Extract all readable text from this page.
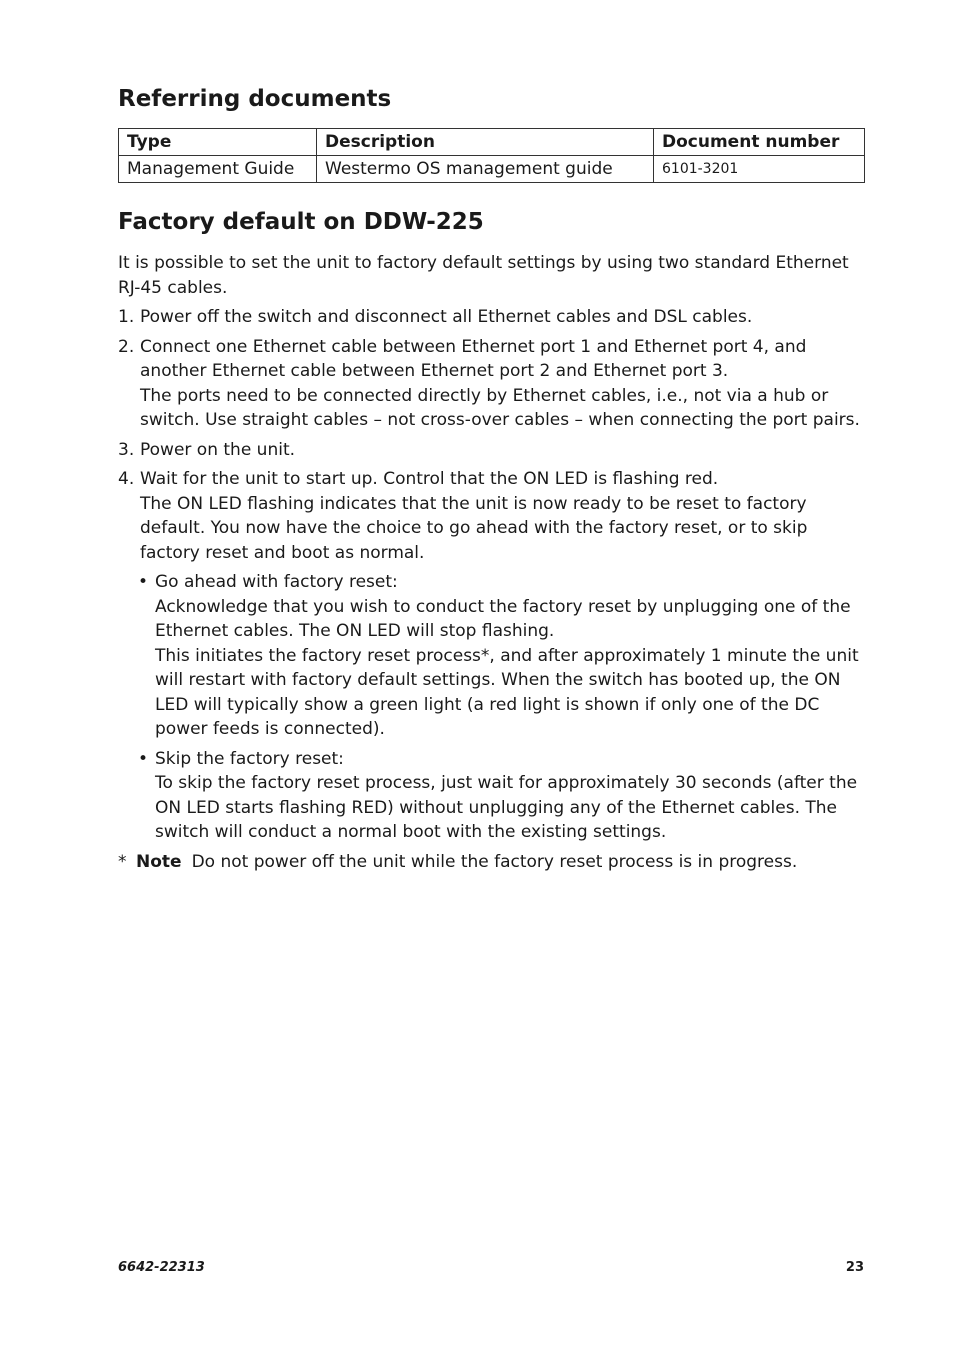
Referring documents
Type	Description	Document number
Management Guide	Westermo OS management guide	6101-3201
Factory default on DDW-225

It is possible to set the unit to factory default settings by using two standard Ethernet RJ-45 cables.

1. Power off the switch and disconnect all Ethernet cables and DSL cables.
2. Connect one Ethernet cable between Ethernet port 1 and Ethernet port 4, and another Ethernet cable between Ethernet port 2 and Ethernet port 3.

The ports need to be connected directly by Ethernet cables, i.e., not via a hub or switch. Use straight cables – not cross-over cables – when connecting the port pairs.

3. Power on the unit.
4. Wait for the unit to start up. Control that the ON LED is flashing red.

The ON LED flashing indicates that the unit is now ready to be reset to factory default. You now have the choice to go ahead with the factory reset, or to skip factory reset and boot as normal.

• Go ahead with factory reset:

Acknowledge that you wish to conduct the factory reset by unplugging one of the Ethernet cables. The ON LED will stop flashing.

This initiates the factory reset process*, and after approximately 1 minute the unit will restart with factory default settings. When the switch has booted up, the ON LED will typically show a green light (a red light is shown if only one of the DC power feeds is connected).

• Skip the factory reset:

To skip the factory reset process, just wait for approximately 30 seconds (after the ON LED starts flashing RED) without unplugging any of the Ethernet cables. The switch will conduct a normal boot with the existing settings.

* Note Do not power off the unit while the factory reset process is in progress.
6642-22313	23
